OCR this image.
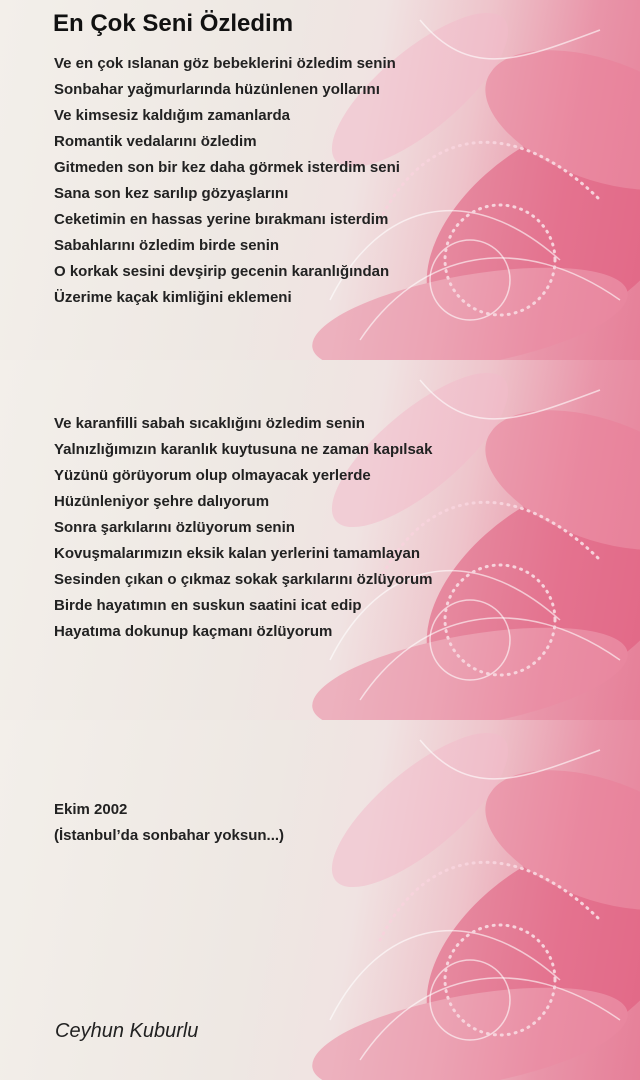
En Çok Seni Özledim
Ve en çok ıslanan göz bebeklerini özledim senin
Sonbahar yağmurlarında hüzünlenen yollarını
Ve kimsesiz kaldığım zamanlarda
Romantik vedalarını özledim
Gitmeden son bir kez daha görmek isterdim seni
Sana son kez sarılıp gözyaşlarını
Ceketimin en hassas yerine bırakmanı isterdim
Sabahlarını özledim birde senin
O korkak sesini devşirip gecenin karanlığından
Üzerime kaçak kimliğini eklemeni
Ve karanfilli sabah sıcaklığını özledim senin
Yalnızlığımızın karanlık kuytusuna ne zaman kapılsak
Yüzünü görüyorum olup olmayacak yerlerde
Hüzünleniyor şehre dalıyorum
Sonra şarkılarını özlüyorum senin
Kovuşmalarımızın eksik kalan yerlerini tamamlayan
Sesinden çıkan o çıkmaz sokak şarkılarını özlüyorum
Birde hayatımın en suskun saatini icat edip
Hayatıma dokunup kaçmanı özlüyorum
Ekim 2002
(İstanbul’da sonbahar yoksun...)
Ceyhun Kuburlu
